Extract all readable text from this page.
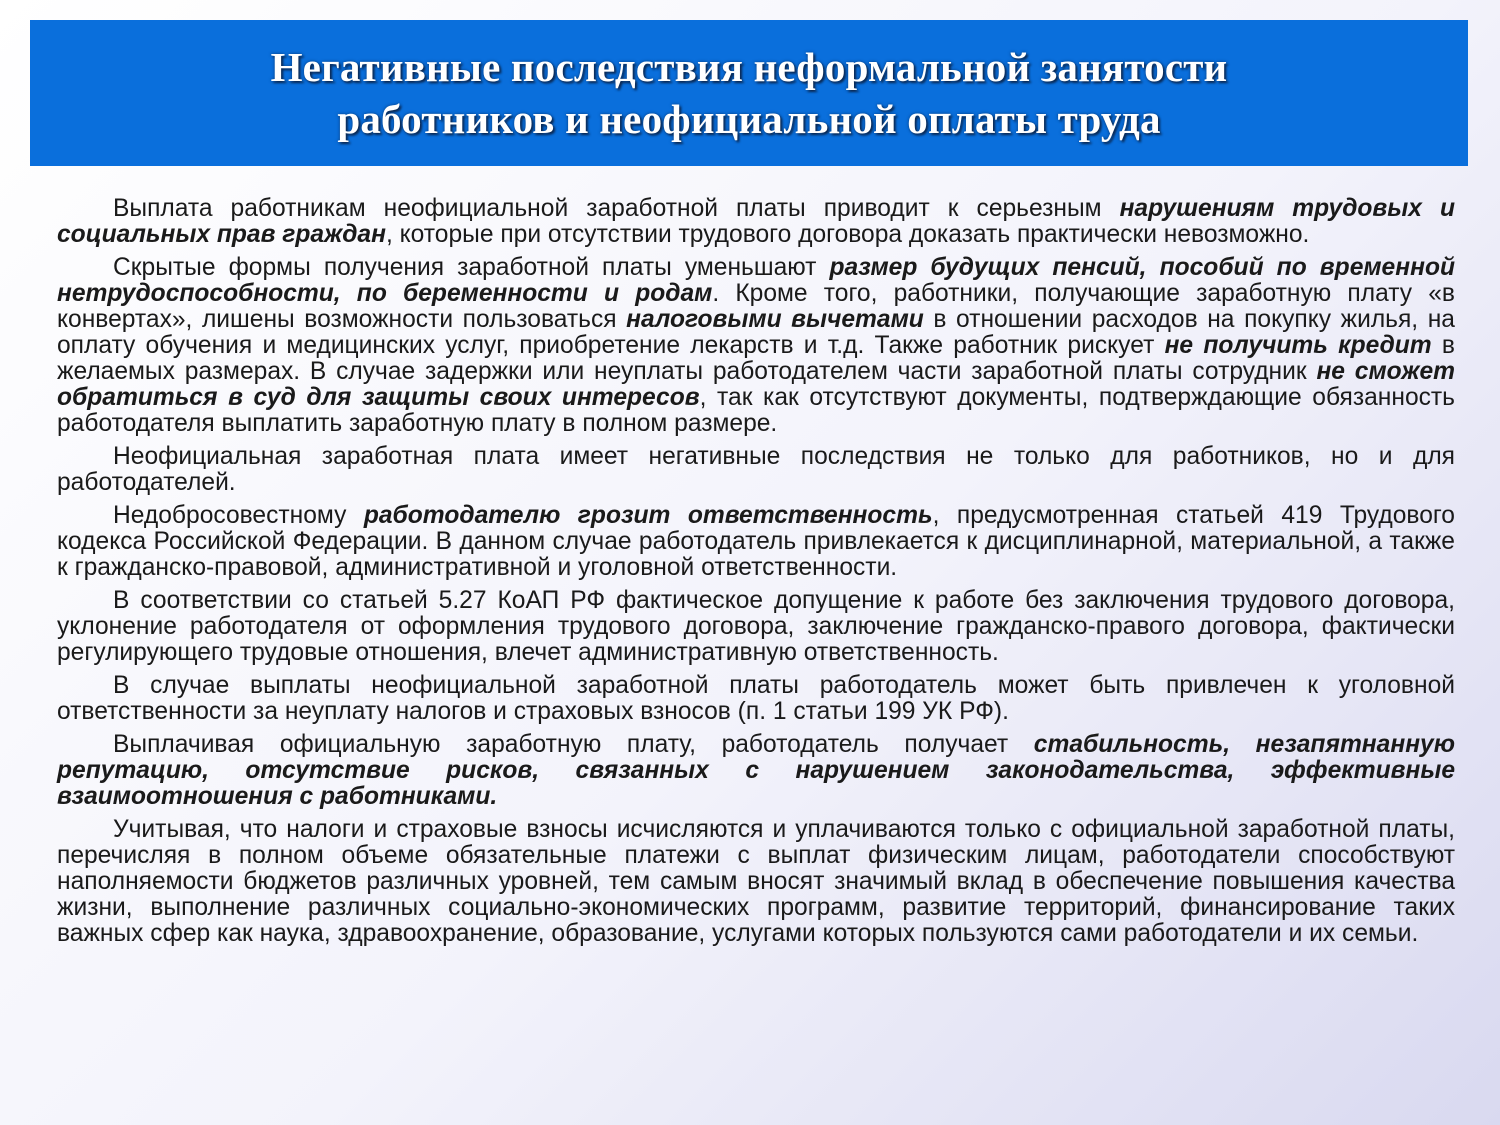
Негативные последствия неформальной занятости
работников и неофициальной оплаты труда

Выплата работникам неофициальной заработной платы приводит к серьезным нарушениям трудовых и социальных прав граждан, которые при отсутствии трудового договора доказать практически невозможно.

Скрытые формы получения заработной платы уменьшают размер будущих пенсий, пособий по временной нетрудоспособности, по беременности и родам. Кроме того, работники, получающие заработную плату «в конвертах», лишены возможности пользоваться налоговыми вычетами в отношении расходов на покупку жилья, на оплату обучения и медицинских услуг, приобретение лекарств и т.д. Также работник рискует не получить кредит в желаемых размерах. В случае задержки или неуплаты работодателем части заработной платы сотрудник не сможет обратиться в суд для защиты своих интересов, так как отсутствуют документы, подтверждающие обязанность работодателя выплатить заработную плату в полном размере.

Неофициальная заработная плата имеет негативные последствия не только для работников, но и для работодателей.

Недобросовестному работодателю грозит ответственность, предусмотренная статьей 419 Трудового кодекса Российской Федерации. В данном случае работодатель привлекается к дисциплинарной, материальной, а также к гражданско-правовой, административной и уголовной ответственности.

В соответствии со статьей 5.27 КоАП РФ фактическое допущение к работе без заключения трудового договора, уклонение работодателя от оформления трудового договора, заключение гражданско-правого договора, фактически регулирующего трудовые отношения, влечет административную ответственность.

В случае выплаты неофициальной заработной платы работодатель может быть привлечен к уголовной ответственности за неуплату налогов и страховых взносов (п. 1 статьи 199 УК РФ).

Выплачивая официальную заработную плату, работодатель получает стабильность, незапятнанную репутацию, отсутствие рисков, связанных с нарушением законодательства, эффективные взаимоотношения с работниками.

Учитывая, что налоги и страховые взносы исчисляются и уплачиваются только с официальной заработной платы, перечисляя в полном объеме обязательные платежи с выплат физическим лицам, работодатели способствуют наполняемости бюджетов различных уровней, тем самым вносят значимый вклад в обеспечение повышения качества жизни, выполнение различных социально-экономических программ, развитие территорий, финансирование таких важных сфер как наука, здравоохранение, образование, услугами которых пользуются сами работодатели и их семьи.
